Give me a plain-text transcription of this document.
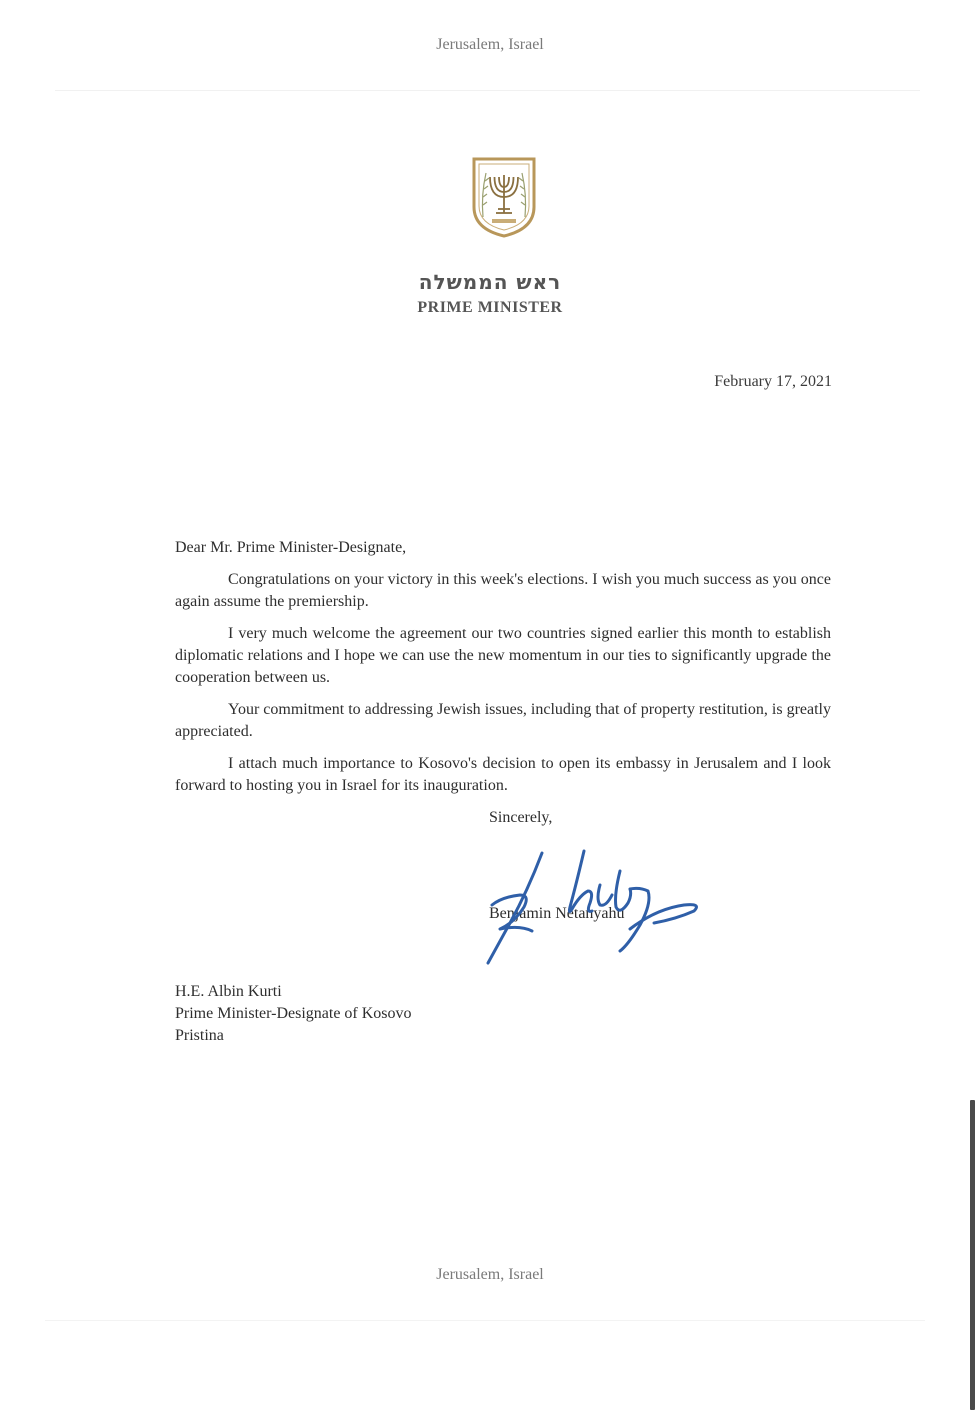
Jerusalem, Israel
ראש הממשלה
PRIME MINISTER
February 17, 2021

Dear Mr. Prime Minister-Designate,

Congratulations on your victory in this week's elections. I wish you much success as you once again assume the premiership.

I very much welcome the agreement our two countries signed earlier this month to establish diplomatic relations and I hope we can use the new momentum in our ties to significantly upgrade the cooperation between us.

Your commitment to addressing Jewish issues, including that of property restitution, is greatly appreciated.

I attach much importance to Kosovo's decision to open its embassy in Jerusalem and I look forward to hosting you in Israel for its inauguration.

Sincerely,
Benjamin Netanyahu
H.E. Albin Kurti
Prime Minister-Designate of Kosovo
Pristina
Jerusalem, Israel
